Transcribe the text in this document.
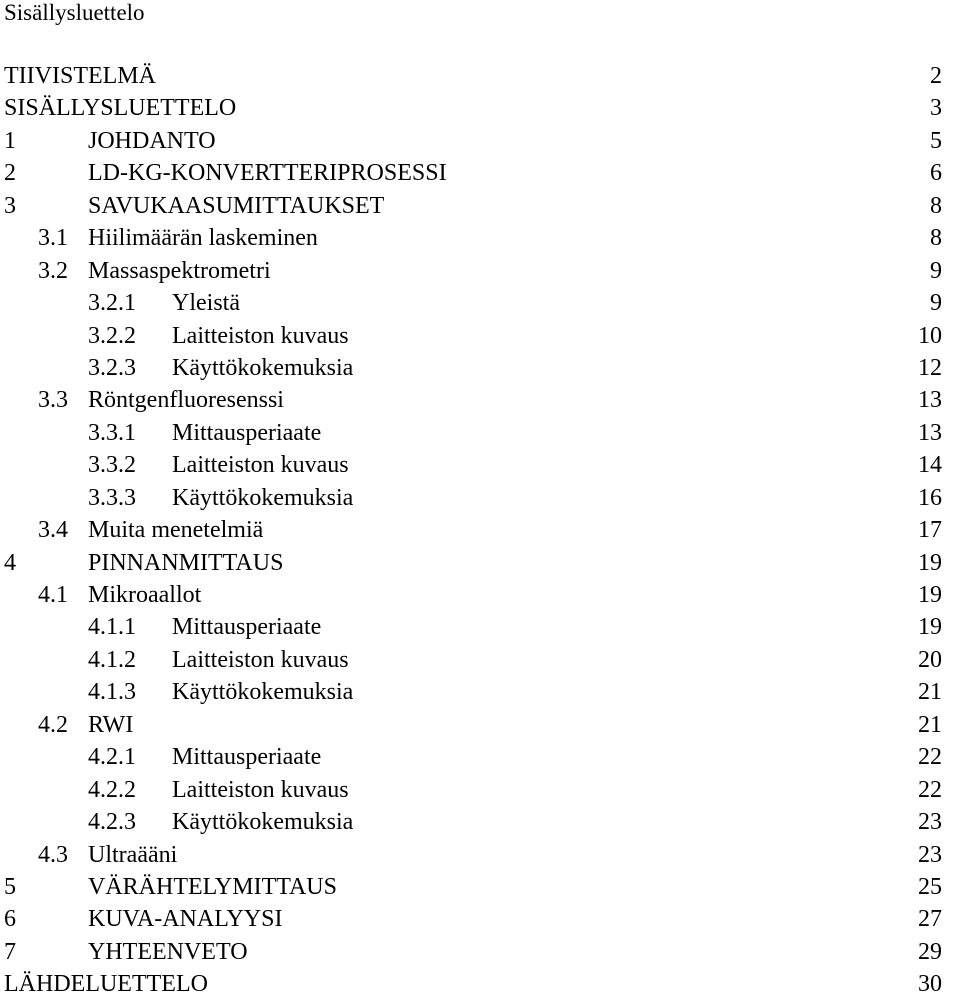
Sisällysluettelo
TIIVISTELMÄ	2
SISÄLLYSLUETTELO	3
1	JOHDANTO	5
2	LD-KG-KONVERTTERIPROSESSI	6
3	SAVUKAASUMITTAUKSET	8
3.1 Hiilimäärän laskeminen	8
3.2 Massaspektrometri	9
3.2.1 Yleistä	9
3.2.2 Laitteiston kuvaus	10
3.2.3 Käyttökokemuksia	12
3.3 Röntgenfluoresenssi	13
3.3.1 Mittausperiaate	13
3.3.2 Laitteiston kuvaus	14
3.3.3 Käyttökokemuksia	16
3.4 Muita menetelmiä	17
4	PINNANMITTAUS	19
4.1 Mikroaallot	19
4.1.1 Mittausperiaate	19
4.1.2 Laitteiston kuvaus	20
4.1.3 Käyttökokemuksia	21
4.2 RWI	21
4.2.1 Mittausperiaate	22
4.2.2 Laitteiston kuvaus	22
4.2.3 Käyttökokemuksia	23
4.3 Ultraääni	23
5	VÄRÄHTELYMITTAUS	25
6	KUVA-ANALYYSI	27
7	YHTEENVETO	29
LÄHDELUETTELO	30
